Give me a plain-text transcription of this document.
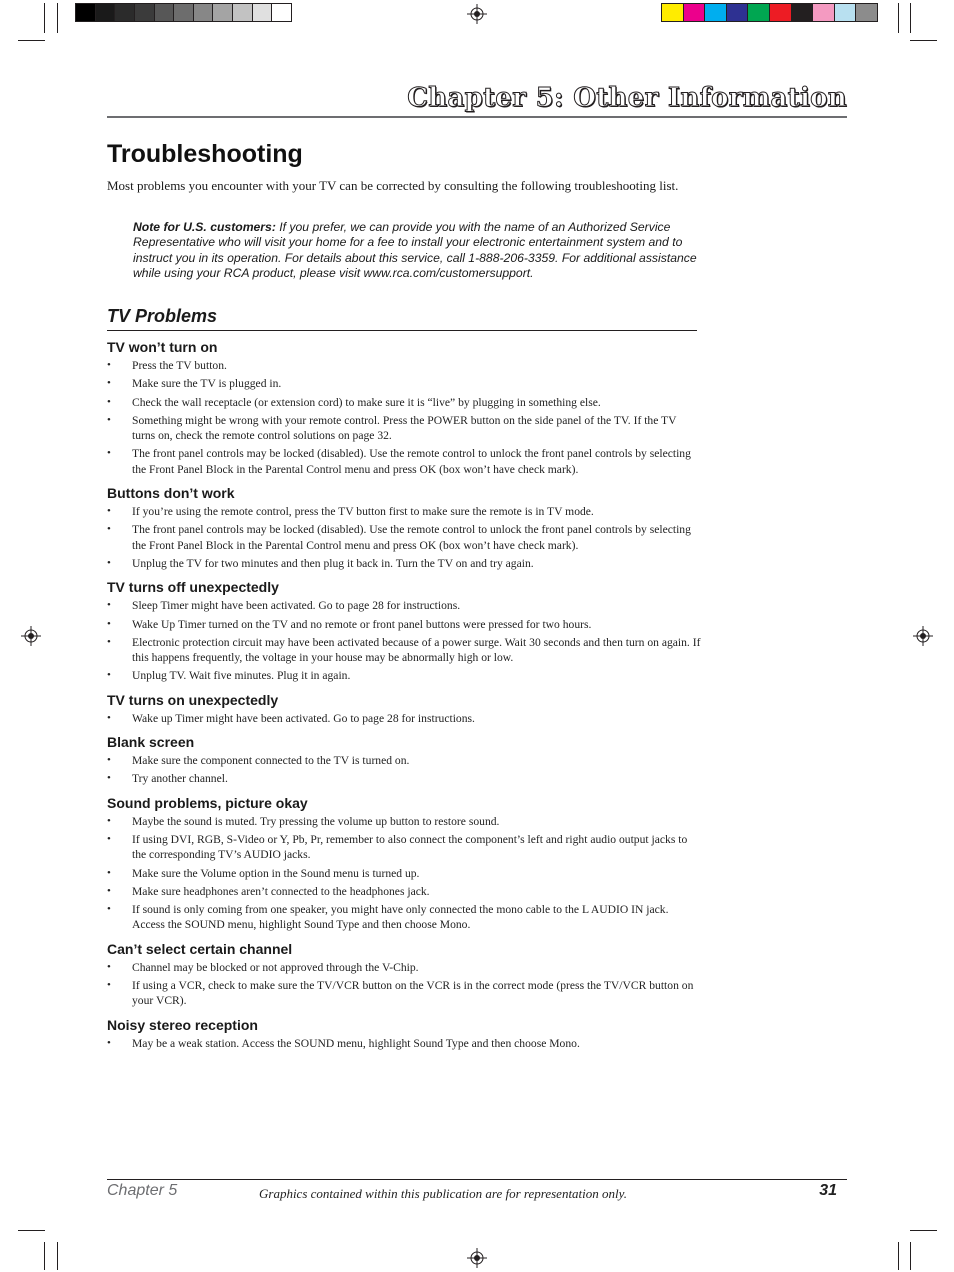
Chapter 5: Other Information
Troubleshooting

Most problems you encounter with your TV can be corrected by consulting the following troubleshooting list.

Note for U.S. customers: If you prefer, we can provide you with the name of an Authorized Service Representative who will visit your home for a fee to install your electronic entertainment system and to instruct you in its operation. For details about this service, call 1-888-206-3359. For additional assistance while using your RCA product, please visit www.rca.com/customersupport.

TV Problems
TV won’t turn on
• Press the TV button.
• Make sure the TV is plugged in.
• Check the wall receptacle (or extension cord) to make sure it is “live” by plugging in something else.
• Something might be wrong with your remote control. Press the POWER button on the side panel of the TV. If the TV turns on, check the remote control solutions on page 32.
• The front panel controls may be locked (disabled). Use the remote control to unlock the front panel controls by selecting the Front Panel Block in the Parental Control menu and press OK (box won’t have check mark).
Buttons don’t work
• If you’re using the remote control, press the TV button first to make sure the remote is in TV mode.
• The front panel controls may be locked (disabled). Use the remote control to unlock the front panel controls by selecting the Front Panel Block in the Parental Control menu and press OK (box won’t have check mark).
• Unplug the TV for two minutes and then plug it back in. Turn the TV on and try again.
TV turns off unexpectedly
• Sleep Timer might have been activated. Go to page 28 for instructions.
• Wake Up Timer turned on the TV and no remote or front panel buttons were pressed for two hours.
• Electronic protection circuit may have been activated because of a power surge. Wait 30 seconds and then turn on again. If this happens frequently, the voltage in your house may be abnormally high or low.
• Unplug TV. Wait five minutes. Plug it in again.
TV turns on unexpectedly
• Wake up Timer might have been activated. Go to page 28 for instructions.
Blank screen
• Make sure the component connected to the TV is turned on.
• Try another channel.
Sound problems, picture okay
• Maybe the sound is muted. Try pressing the volume up button to restore sound.
• If using DVI, RGB, S-Video or Y, Pb, Pr, remember to also connect the component’s left and right audio output jacks to the corresponding TV’s AUDIO jacks.
• Make sure the Volume option in the Sound menu is turned up.
• Make sure headphones aren’t connected to the headphones jack.
• If sound is only coming from one speaker, you might have only connected the mono cable to the L AUDIO IN jack. Access the SOUND menu, highlight Sound Type and then choose Mono.
Can’t select certain channel
• Channel may be blocked or not approved through the V-Chip.
• If using a VCR, check to make sure the TV/VCR button on the VCR is in the correct mode (press the TV/VCR button on your VCR).
Noisy stereo reception
• May be a weak station. Access the SOUND menu, highlight Sound Type and then choose Mono.

Chapter 5	Graphics contained within this publication are for representation only.	31
